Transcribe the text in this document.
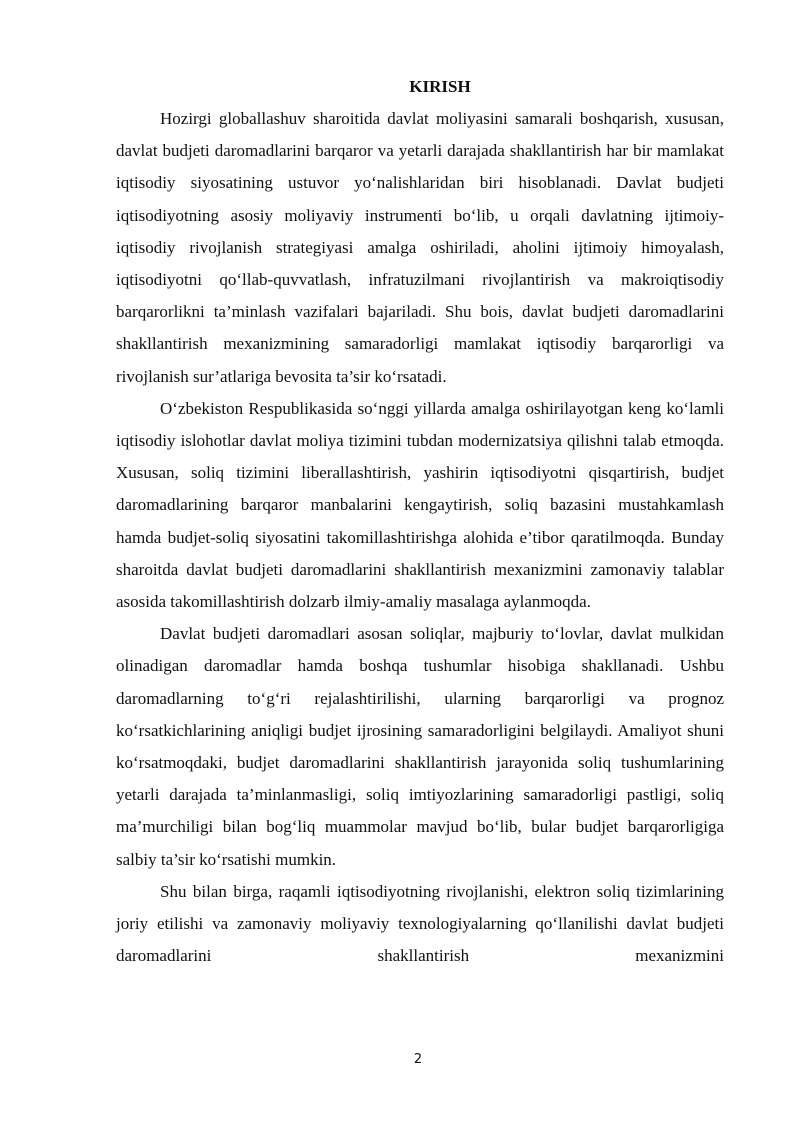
KIRISH

Hozirgi globallashuv sharoitida davlat moliyasini samarali boshqarish, xususan, davlat budjeti daromadlarini barqaror va yetarli darajada shakllantirish har bir mamlakat iqtisodiy siyosatining ustuvor yo‘nalishlaridan biri hisoblanadi. Davlat budjeti iqtisodiyotning asosiy moliyaviy instrumenti bo‘lib, u orqali davlatning ijtimoiy-iqtisodiy rivojlanish strategiyasi amalga oshiriladi, aholini ijtimoiy himoyalash, iqtisodiyotni qo‘llab-quvvatlash, infratuzilmani rivojlantirish va makroiqtisodiy barqarorlikni ta’minlash vazifalari bajariladi. Shu bois, davlat budjeti daromadlarini shakllantirish mexanizmining samaradorligi mamlakat iqtisodiy barqarorligi va rivojlanish sur’atlariga bevosita ta’sir ko‘rsatadi.

O‘zbekiston Respublikasida so‘nggi yillarda amalga oshirilayotgan keng ko‘lamli iqtisodiy islohotlar davlat moliya tizimini tubdan modernizatsiya qilishni talab etmoqda. Xususan, soliq tizimini liberallashtirish, yashirin iqtisodiyotni qisqartirish, budjet daromadlarining barqaror manbalarini kengaytirish, soliq bazasini mustahkamlash hamda budjet-soliq siyosatini takomillashtirishga alohida e’tibor qaratilmoqda. Bunday sharoitda davlat budjeti daromadlarini shakllantirish mexanizmini zamonaviy talablar asosida takomillashtirish dolzarb ilmiy-amaliy masalaga aylanmoqda.

Davlat budjeti daromadlari asosan soliqlar, majburiy to‘lovlar, davlat mulkidan olinadigan daromadlar hamda boshqa tushumlar hisobiga shakllanadi. Ushbu daromadlarning to‘g‘ri rejalashtirilishi, ularning barqarorligi va prognoz ko‘rsatkichlarining aniqligi budjet ijrosining samaradorligini belgilaydi. Amaliyot shuni ko‘rsatmoqdaki, budjet daromadlarini shakllantirish jarayonida soliq tushumlarining yetarli darajada ta’minlanmasligi, soliq imtiyozlarining samaradorligi pastligi, soliq ma’murchiligi bilan bog‘liq muammolar mavjud bo‘lib, bular budjet barqarorligiga salbiy ta’sir ko‘rsatishi mumkin.

Shu bilan birga, raqamli iqtisodiyotning rivojlanishi, elektron soliq tizimlarining joriy etilishi va zamonaviy moliyaviy texnologiyalarning qo‘llanilishi davlat budjeti daromadlarini shakllantirish mexanizmini

2
